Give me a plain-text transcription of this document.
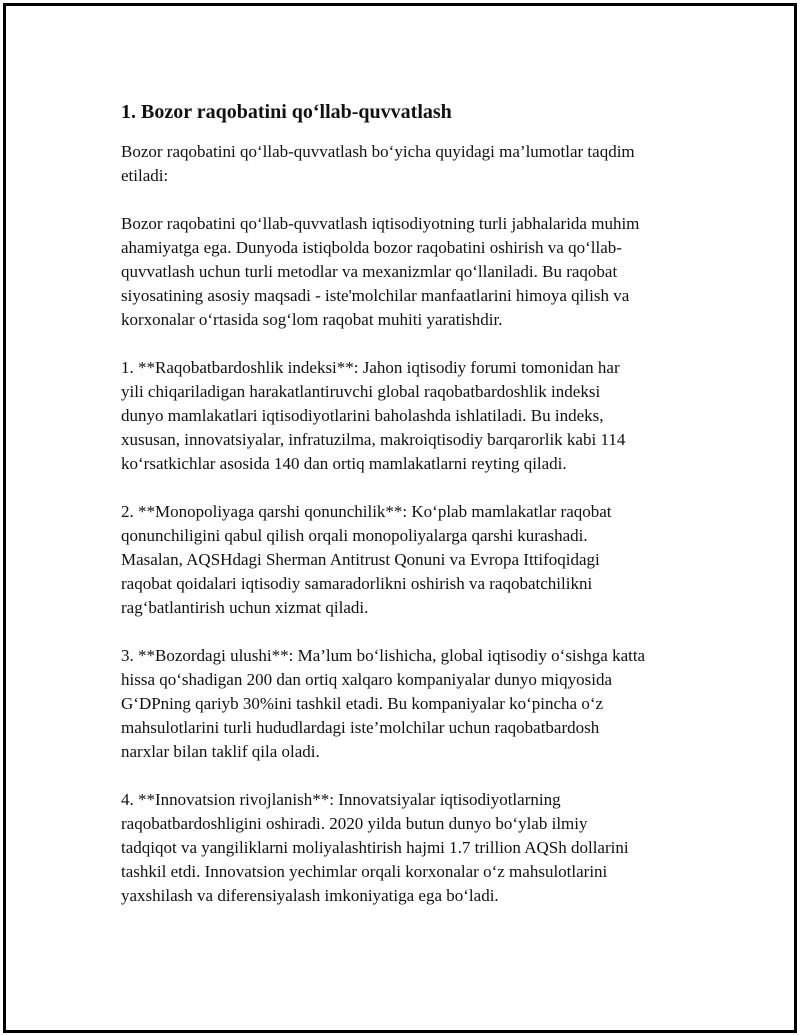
1. Bozor raqobatini qo‘llab-quvvatlash

Bozor raqobatini qo‘llab-quvvatlash bo‘yicha quyidagi ma’lumotlar taqdim
etiladi:

Bozor raqobatini qo‘llab-quvvatlash iqtisodiyotning turli jabhalarida muhim
ahamiyatga ega. Dunyoda istiqbolda bozor raqobatini oshirish va qo‘llab-
quvvatlash uchun turli metodlar va mexanizmlar qo‘llaniladi. Bu raqobat
siyosatining asosiy maqsadi - iste'molchilar manfaatlarini himoya qilish va
korxonalar o‘rtasida sog‘lom raqobat muhiti yaratishdir.

1. **Raqobatbardoshlik indeksi**: Jahon iqtisodiy forumi tomonidan har
yili chiqariladigan harakatlantiruvchi global raqobatbardoshlik indeksi
dunyo mamlakatlari iqtisodiyotlarini baholashda ishlatiladi. Bu indeks,
xususan, innovatsiyalar, infratuzilma, makroiqtisodiy barqarorlik kabi 114
ko‘rsatkichlar asosida 140 dan ortiq mamlakatlarni reyting qiladi.

2. **Monopoliyaga qarshi qonunchilik**: Ko‘plab mamlakatlar raqobat
qonunchiligini qabul qilish orqali monopoliyalarga qarshi kurashadi.
Masalan, AQSHdagi Sherman Antitrust Qonuni va Evropa Ittifoqidagi
raqobat qoidalari iqtisodiy samaradorlikni oshirish va raqobatchilikni
rag‘batlantirish uchun xizmat qiladi.

3. **Bozordagi ulushi**: Ma’lum bo‘lishicha, global iqtisodiy o‘sishga katta
hissa qo‘shadigan 200 dan ortiq xalqaro kompaniyalar dunyo miqyosida
G‘DPning qariyb 30%ini tashkil etadi. Bu kompaniyalar ko‘pincha o‘z
mahsulotlarini turli hududlardagi iste’molchilar uchun raqobatbardosh
narxlar bilan taklif qila oladi.

4. **Innovatsion rivojlanish**: Innovatsiyalar iqtisodiyotlarning
raqobatbardoshligini oshiradi. 2020 yilda butun dunyo bo‘ylab ilmiy
tadqiqot va yangiliklarni moliyalashtirish hajmi 1.7 trillion AQSh dollarini
tashkil etdi. Innovatsion yechimlar orqali korxonalar o‘z mahsulotlarini
yaxshilash va diferensiyalash imkoniyatiga ega bo‘ladi.
